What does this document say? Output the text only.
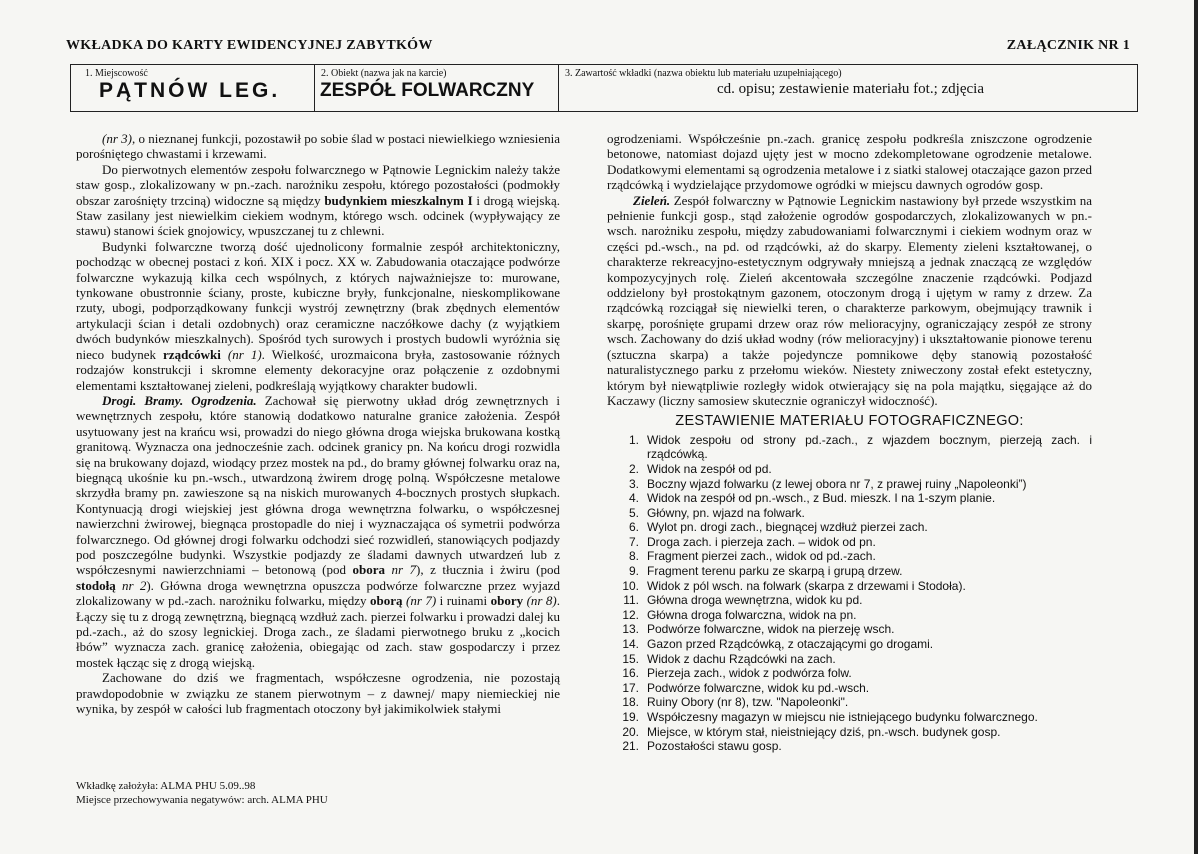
WKŁADKA DO KARTY EWIDENCYJNEJ ZABYTKÓW	ZAŁĄCZNIK NR 1
1. Miejscowość
PĄTNÓW LEG.
2. Obiekt (nazwa jak na karcie)
ZESPÓŁ FOLWARCZNY
3. Zawartość wkładki (nazwa obiektu lub materiału uzupełniającego)
cd. opisu; zestawienie materiału fot.; zdjęcia

(nr 3), o nieznanej funkcji, pozostawił po sobie ślad w postaci niewielkiego wzniesienia porośniętego chwastami i krzewami.

Do pierwotnych elementów zespołu folwarcznego w Pątnowie Legnickim należy także staw gosp., zlokalizowany w pn.-zach. narożniku zespołu, którego pozostałości (podmokły obszar zarośnięty trzciną) widoczne są między budynkiem mieszkalnym I i drogą wiejską. Staw zasilany jest niewielkim ciekiem wodnym, którego wsch. odcinek (wypływający ze stawu) stanowi ściek gnojowicy, wpuszczanej tu z chlewni.

Budynki folwarczne tworzą dość ujednolicony formalnie zespół architektoniczny, pochodząc w obecnej postaci z koń. XIX i pocz. XX w. Zabudowania otaczające podwórze folwarczne wykazują kilka cech wspólnych, z których najważniejsze to: murowane, tynkowane obustronnie ściany, proste, kubiczne bryły, funkcjonalne, nieskomplikowane rzuty, ubogi, podporządkowany funkcji wystrój zewnętrzny (brak zbędnych elementów artykulacji ścian i detali ozdobnych) oraz ceramiczne naczółkowe dachy (z wyjątkiem dwóch budynków mieszkalnych). Spośród tych surowych i prostych budowli wyróżnia się nieco budynek rządcówki (nr 1). Wielkość, urozmaicona bryła, zastosowanie różnych rodzajów konstrukcji i skromne elementy dekoracyjne oraz połączenie z ozdobnymi elementami kształtowanej zieleni, podkreślają wyjątkowy charakter budowli.

Drogi. Bramy. Ogrodzenia. Zachował się pierwotny układ dróg zewnętrznych i wewnętrznych zespołu, które stanowią dodatkowo naturalne granice założenia. Zespół usytuowany jest na krańcu wsi, prowadzi do niego główna droga wiejska brukowana kostką granitową. Wyznacza ona jednocześnie zach. odcinek granicy pn. Na końcu drogi rozwidla się na brukowany dojazd, wiodący przez mostek na pd., do bramy głównej folwarku oraz na, biegnącą ukośnie ku pn.-wsch., utwardzoną żwirem drogę polną. Współczesne metalowe skrzydła bramy pn. zawieszone są na niskich murowanych 4-bocznych prostych słupkach. Kontynuacją drogi wiejskiej jest główna droga wewnętrzna folwarku, o współczesnej nawierzchni żwirowej, biegnąca prostopadle do niej i wyznaczająca oś symetrii podwórza folwarcznego. Od głównej drogi folwarku odchodzi sieć rozwidleń, stanowiących podjazdy pod poszczególne budynki. Wszystkie podjazdy ze śladami dawnych utwardzeń lub z współczesnymi nawierzchniami – betonową (pod obora nr 7), z tłucznia i żwiru (pod stodołą nr 2). Główna droga wewnętrzna opuszcza podwórze folwarczne przez wyjazd zlokalizowany w pd.-zach. narożniku folwarku, między oborą (nr 7) i ruinami obory (nr 8). Łączy się tu z drogą zewnętrzną, biegnącą wzdłuż zach. pierzei folwarku i prowadzi dalej ku pd.-zach., aż do szosy legnickiej. Droga zach., ze śladami pierwotnego bruku z „kocich łbów” wyznacza zach. granicę założenia, obiegając od zach. staw gospodarczy i przez mostek łącząc się z drogą wiejską.

Zachowane do dziś we fragmentach, współczesne ogrodzenia, nie pozostają prawdopodobnie w związku ze stanem pierwotnym – z dawnej/ mapy niemieckiej nie wynika, by zespół w całości lub fragmentach otoczony był jakimikolwiek stałymi

ogrodzeniami. Współcześnie pn.-zach. granicę zespołu podkreśla zniszczone ogrodzenie betonowe, natomiast dojazd ujęty jest w mocno zdekompletowane ogrodzenie metalowe. Dodatkowymi elementami są ogrodzenia metalowe i z siatki stalowej otaczające gazon przed rządcówką i wydzielające przydomowe ogródki w miejscu dawnych ogrodów gosp.

Zieleń. Zespół folwarczny w Pątnowie Legnickim nastawiony był przede wszystkim na pełnienie funkcji gosp., stąd założenie ogrodów gospodarczych, zlokalizowanych w pn.-wsch. narożniku zespołu, między zabudowaniami folwarcznymi i ciekiem wodnym oraz w części pd.-wsch., na pd. od rządcówki, aż do skarpy. Elementy zieleni kształtowanej, o charakterze rekreacyjno-estetycznym odgrywały mniejszą a jednak znaczącą ze względów kompozycyjnych rolę. Zieleń akcentowała szczególne znaczenie rządcówki. Podjazd oddzielony był prostokątnym gazonem, otoczonym drogą i ujętym w ramy z drzew. Za rządcówką rozciągał się niewielki teren, o charakterze parkowym, obejmujący trawnik i skarpę, porośnięte grupami drzew oraz rów melioracyjny, ograniczający zespół ze strony wsch. Zachowany do dziś układ wodny (rów melioracyjny) i ukształtowanie pionowe terenu (sztuczna skarpa) a także pojedyncze pomnikowe dęby stanowią pozostałość naturalistycznego parku z przełomu wieków. Niestety zniweczony został efekt estetyczny, którym był niewątpliwie rozległy widok otwierający się na pola majątku, sięgające aż do Kaczawy (liczny samosiew skutecznie ograniczył widoczność).

ZESTAWIENIE MATERIAŁU FOTOGRAFICZNEGO:
1. Widok zespołu od strony pd.-zach., z wjazdem bocznym, pierzeją zach. i rządcówką.
2. Widok na zespół od pd.
3. Boczny wjazd folwarku (z lewej obora nr 7, z prawej ruiny „Napoleonki”)
4. Widok na zespół od pn.-wsch., z Bud. mieszk. I na 1-szym planie.
5. Główny, pn. wjazd na folwark.
6. Wylot pn. drogi zach., biegnącej wzdłuż pierzei zach.
7. Droga zach. i pierzeja zach. – widok od pn.
8. Fragment pierzei zach., widok od pd.-zach.
9. Fragment terenu parku ze skarpą i grupą drzew.
10. Widok z pól wsch. na folwark (skarpa z drzewami i Stodoła).
11. Główna droga wewnętrzna, widok ku pd.
12. Główna droga folwarczna, widok na pn.
13. Podwórze folwarczne, widok na pierzeję wsch.
14. Gazon przed Rządcówką, z otaczającymi go drogami.
15. Widok z dachu Rządcówki na zach.
16. Pierzeja zach., widok z podwórza folw.
17. Podwórze folwarczne, widok ku pd.-wsch.
18. Ruiny Obory (nr 8), tzw. "Napoleonki".
19. Współczesny magazyn w miejscu nie istniejącego budynku folwarcznego.
20. Miejsce, w którym stał, nieistniejący dziś, pn.-wsch. budynek gosp.
21. Pozostałości stawu gosp.
Wkładkę założyła: ALMA PHU 5.09..98
Miejsce przechowywania negatywów: arch. ALMA PHU
